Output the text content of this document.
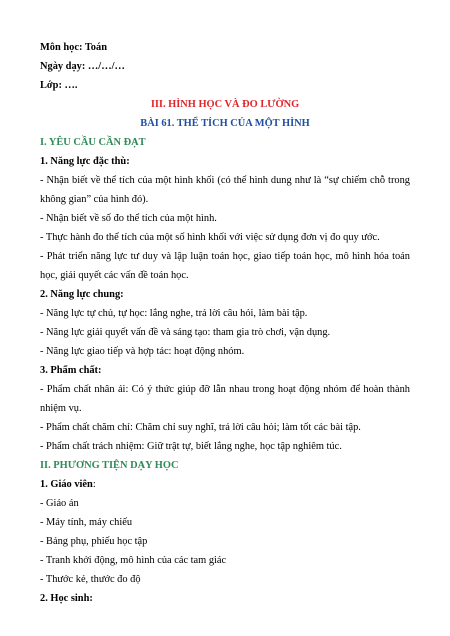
Môn học: Toán
Ngày dạy: …/…/…
Lớp: ….
III. HÌNH HỌC VÀ ĐO LƯỜNG
BÀI 61. THỂ TÍCH CỦA MỘT HÌNH
I. YÊU CẦU CẦN ĐẠT
1. Năng lực đặc thù:
- Nhận biết về thể tích của một hình khối (có thể hình dung như là “sự chiếm chỗ trong không gian” của hình đó).
- Nhận biết về số đo thể tích của một hình.
- Thực hành đo thể tích của một số hình khối với việc sử dụng đơn vị đo quy ước.
- Phát triển năng lực tư duy và lập luận toán học, giao tiếp toán học, mô hình hóa toán học, giải quyết các vấn đề toán học.
2. Năng lực chung:
- Năng lực tự chủ, tự học: lắng nghe, trả lời câu hỏi, làm bài tập.
- Năng lực giải quyết vấn đề và sáng tạo: tham gia trò chơi, vận dụng.
- Năng lực giao tiếp và hợp tác: hoạt động nhóm.
3. Phẩm chất:
- Phẩm chất nhân ái: Có ý thức giúp đỡ lẫn nhau trong hoạt động nhóm để hoàn thành nhiệm vụ.
- Phẩm chất chăm chỉ: Chăm chỉ suy nghĩ, trả lời câu hỏi; làm tốt các bài tập.
- Phẩm chất trách nhiệm: Giữ trật tự, biết lắng nghe, học tập nghiêm túc.
II. PHƯƠNG TIỆN DẠY HỌC
1. Giáo viên:
- Giáo án
- Máy tính, máy chiếu
- Bảng phụ, phiếu học tập
- Tranh khởi động, mô hình của các tam giác
- Thước kẻ, thước đo độ
2. Học sinh:
